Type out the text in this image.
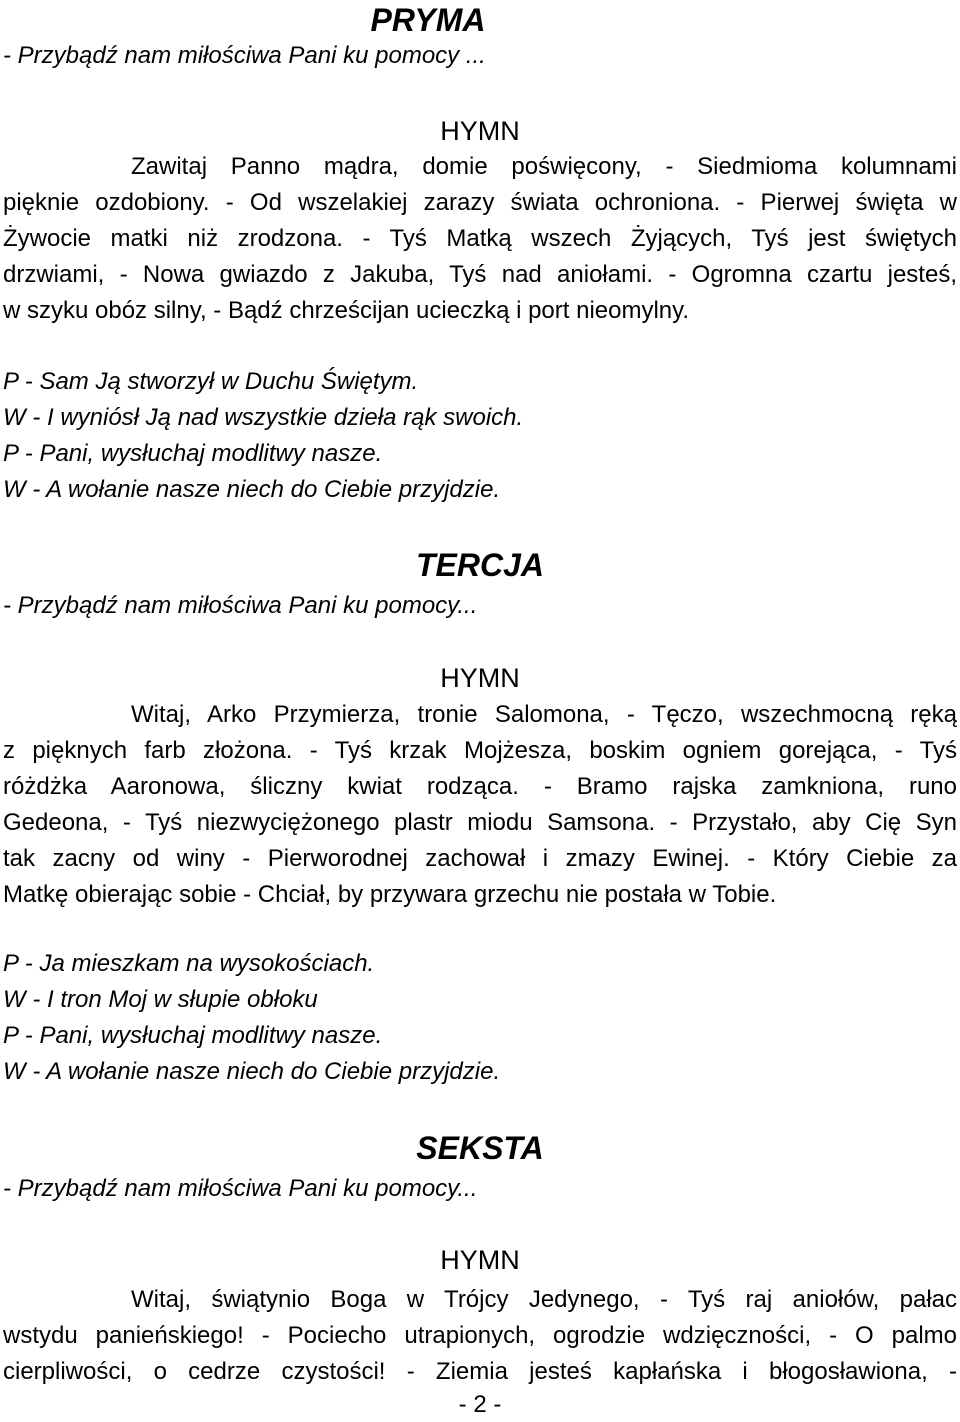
PRYMA
- Przybądź nam miłościwa Pani ku pomocy ...
HYMN
Zawitaj Panno mądra, domie poświęcony, - Siedmioma kolumnami
pięknie ozdobiony. - Od wszelakiej zarazy świata ochroniona. - Pierwej święta w
Żywocie matki niż zrodzona. - Tyś Matką wszech Żyjących, Tyś jest świętych
drzwiami, - Nowa gwiazdo z Jakuba, Tyś nad aniołami. - Ogromna czartu jesteś,
w szyku obóz silny, - Bądź chrześcijan ucieczką i port nieomylny.
P - Sam Ją stworzył w Duchu Świętym.
W - I wyniósł Ją nad wszystkie dzieła rąk swoich.
P - Pani, wysłuchaj modlitwy nasze.
W - A wołanie nasze niech do Ciebie przyjdzie.
TERCJA
- Przybądź nam miłościwa Pani ku pomocy...
HYMN
Witaj, Arko Przymierza, tronie Salomona, - Tęczo, wszechmocną ręką
z pięknych farb złożona. - Tyś krzak Mojżesza, boskim ogniem gorejąca, - Tyś
różdżka Aaronowa, śliczny kwiat rodząca. - Bramo rajska zamkniona, runo
Gedeona, - Tyś niezwyciężonego plastr miodu Samsona. - Przystało, aby Cię Syn
tak zacny od winy - Pierworodnej zachował i zmazy Ewinej. - Który Ciebie za
Matkę obierając sobie - Chciał, by przywara grzechu nie postała w Tobie.
P - Ja mieszkam na wysokościach.
W - I tron Moj w słupie obłoku
P - Pani, wysłuchaj modlitwy nasze.
W - A wołanie nasze niech do Ciebie przyjdzie.
SEKSTA
- Przybądź nam miłościwa Pani ku pomocy...
HYMN
Witaj, świątynio Boga w Trójcy Jedynego, - Tyś raj aniołów, pałac
wstydu panieńskiego! - Pociecho utrapionych, ogrodzie wdzięczności, - O palmo
cierpliwości, o cedrze czystości! - Ziemia jesteś kapłańska i błogosławiona, -
- 2 -
